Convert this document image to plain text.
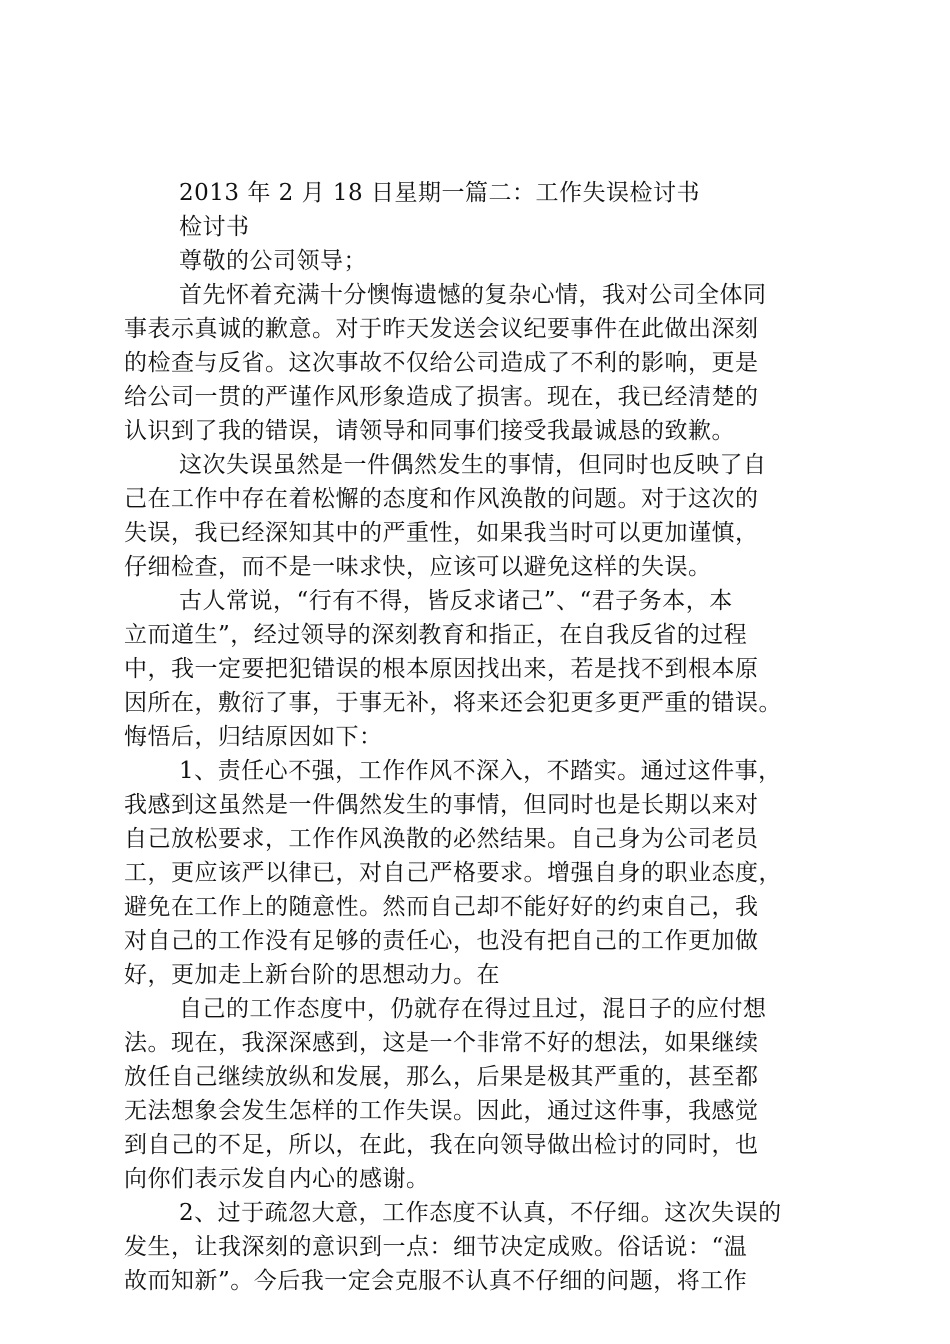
2013 年 2 月 18 日星期一篇二：工作失误检讨书
检讨书
尊敬的公司领导；
首先怀着充满十分懊悔遗憾的复杂心情，我对公司全体同
事表示真诚的歉意。对于昨天发送会议纪要事件在此做出深刻
的检查与反省。这次事故不仅给公司造成了不利的影响，更是
给公司一贯的严谨作风形象造成了损害。现在，我已经清楚的
认识到了我的错误，请领导和同事们接受我最诚恳的致歉。
这次失误虽然是一件偶然发生的事情，但同时也反映了自
己在工作中存在着松懈的态度和作风涣散的问题。对于这次的
失误，我已经深知其中的严重性，如果我当时可以更加谨慎，
仔细检查，而不是一味求快，应该可以避免这样的失误。
古人常说，“行有不得，皆反求诸己”、“君子务本，本
立而道生”，经过领导的深刻教育和指正，在自我反省的过程
中，我一定要把犯错误的根本原因找出来，若是找不到根本原
因所在，敷衍了事，于事无补，将来还会犯更多更严重的错误。
悔悟后，归结原因如下：
1、责任心不强，工作作风不深入，不踏实。通过这件事，
我感到这虽然是一件偶然发生的事情，但同时也是长期以来对
自己放松要求，工作作风涣散的必然结果。自己身为公司老员
工，更应该严以律已，对自己严格要求。增强自身的职业态度，
避免在工作上的随意性。然而自己却不能好好的约束自己，我
对自己的工作没有足够的责任心，也没有把自己的工作更加做
好，更加走上新台阶的思想动力。在
自己的工作态度中，仍就存在得过且过，混日子的应付想
法。现在，我深深感到，这是一个非常不好的想法，如果继续
放任自己继续放纵和发展，那么，后果是极其严重的，甚至都
无法想象会发生怎样的工作失误。因此，通过这件事，我感觉
到自己的不足，所以，在此，我在向领导做出检讨的同时，也
向你们表示发自内心的感谢。
2、过于疏忽大意，工作态度不认真，不仔细。这次失误的
发生，让我深刻的意识到一点：细节决定成败。俗话说：“温
故而知新”。今后我一定会克服不认真不仔细的问题，将工作
